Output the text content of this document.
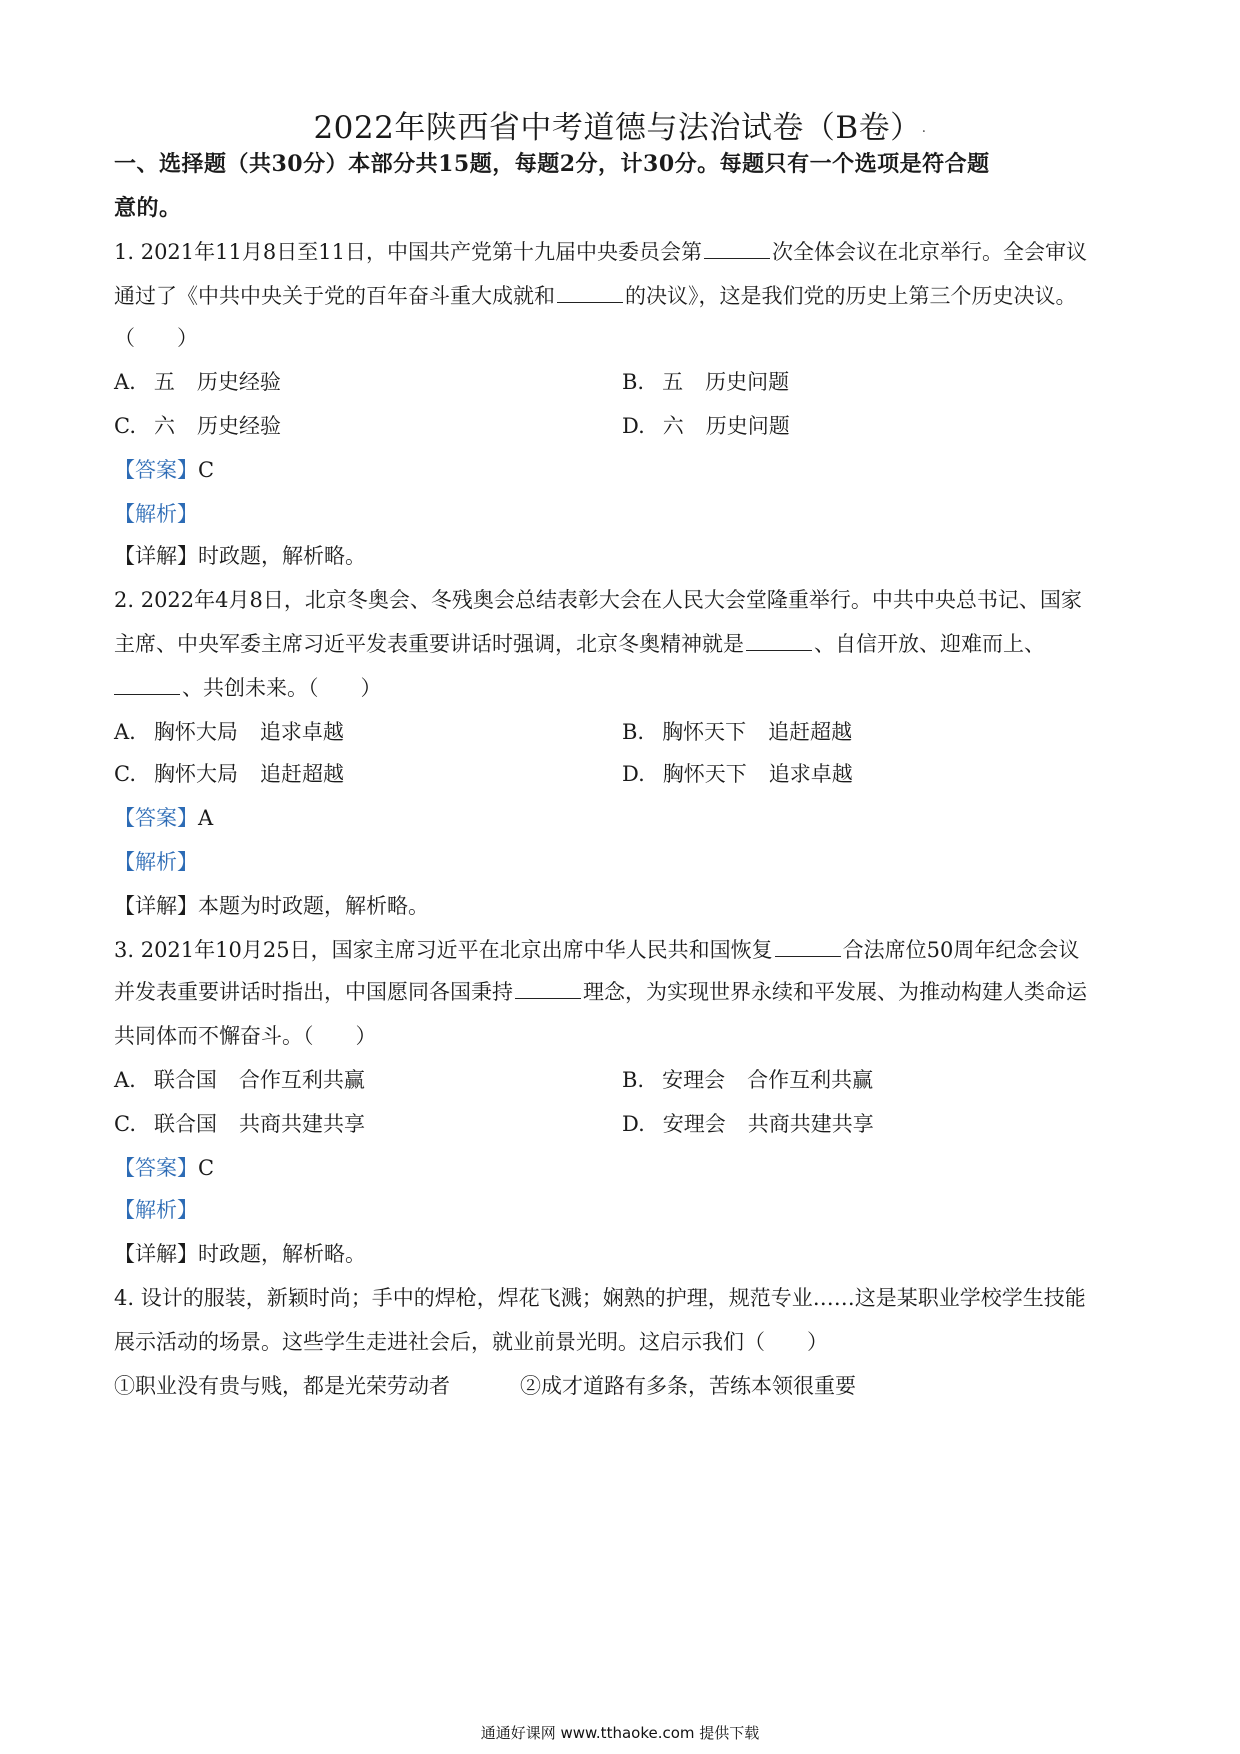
2022年陕西省中考道德与法治试卷（B卷）.
一、选择题（共30分）本部分共15题，每题2分，计30分。每题只有一个选项是符合题
意的。
1. 2021年11月8日至11日，中国共产党第十九届中央委员会第	次全体会议在北京举行。全会审议
通过了《中共中央关于党的百年奋斗重大成就和	的决议》，这是我们党的历史上第三个历史决议。
（　　）
A. 五 历史经验	B. 五 历史问题
C. 六 历史经验	D. 六 历史问题
【答案】C
【解析】
【详解】时政题，解析略。
2. 2022年4月8日，北京冬奥会、冬残奥会总结表彰大会在人民大会堂隆重举行。中共中央总书记、国家
主席、中央军委主席习近平发表重要讲话时强调，北京冬奥精神就是	、自信开放、迎难而上、
、共创未来。（　　）
A. 胸怀大局 追求卓越	B. 胸怀天下 追赶超越
C. 胸怀大局 追赶超越	D. 胸怀天下 追求卓越
【答案】A
【解析】
【详解】本题为时政题，解析略。
3. 2021年10月25日，国家主席习近平在北京出席中华人民共和国恢复	合法席位50周年纪念会议
并发表重要讲话时指出，中国愿同各国秉持	理念，为实现世界永续和平发展、为推动构建人类命运
共同体而不懈奋斗。（　　）
A. 联合国 合作互利共赢	B. 安理会 合作互利共赢
C. 联合国 共商共建共享	D. 安理会 共商共建共享
【答案】C
【解析】
【详解】时政题，解析略。
4. 设计的服装，新颖时尚；手中的焊枪，焊花飞溅；娴熟的护理，规范专业……这是某职业学校学生技能
展示活动的场景。这些学生走进社会后，就业前景光明。这启示我们（　　）
①职业没有贵与贱，都是光荣劳动者	②成才道路有多条，苦练本领很重要
通通好课网 www.tthaoke.com 提供下载
